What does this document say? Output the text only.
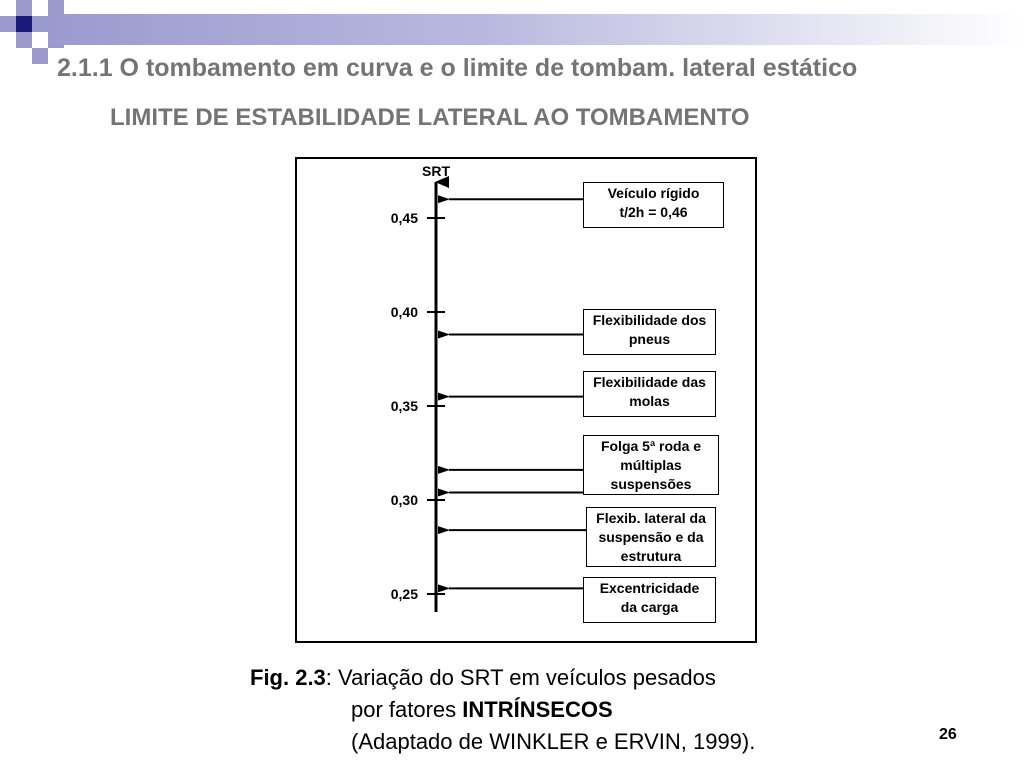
2.1.1 O tombamento em curva e o limite de tombam. lateral estático
LIMITE DE ESTABILIDADE LATERAL AO TOMBAMENTO
SRT
0,45
0,40
0,35
0,30
0,25
Veículo rígido
t/2h = 0,46
Flexibilidade dos
pneus
Flexibilidade das
molas
Folga 5ª roda e
múltiplas
suspensões
Flexib. lateral da
suspensão e da
estrutura
Excentricidade
da carga
Fig. 2.3: Variação do SRT em veículos pesados
por fatores INTRÍNSECOS
(Adaptado de WINKLER e ERVIN, 1999).	26
